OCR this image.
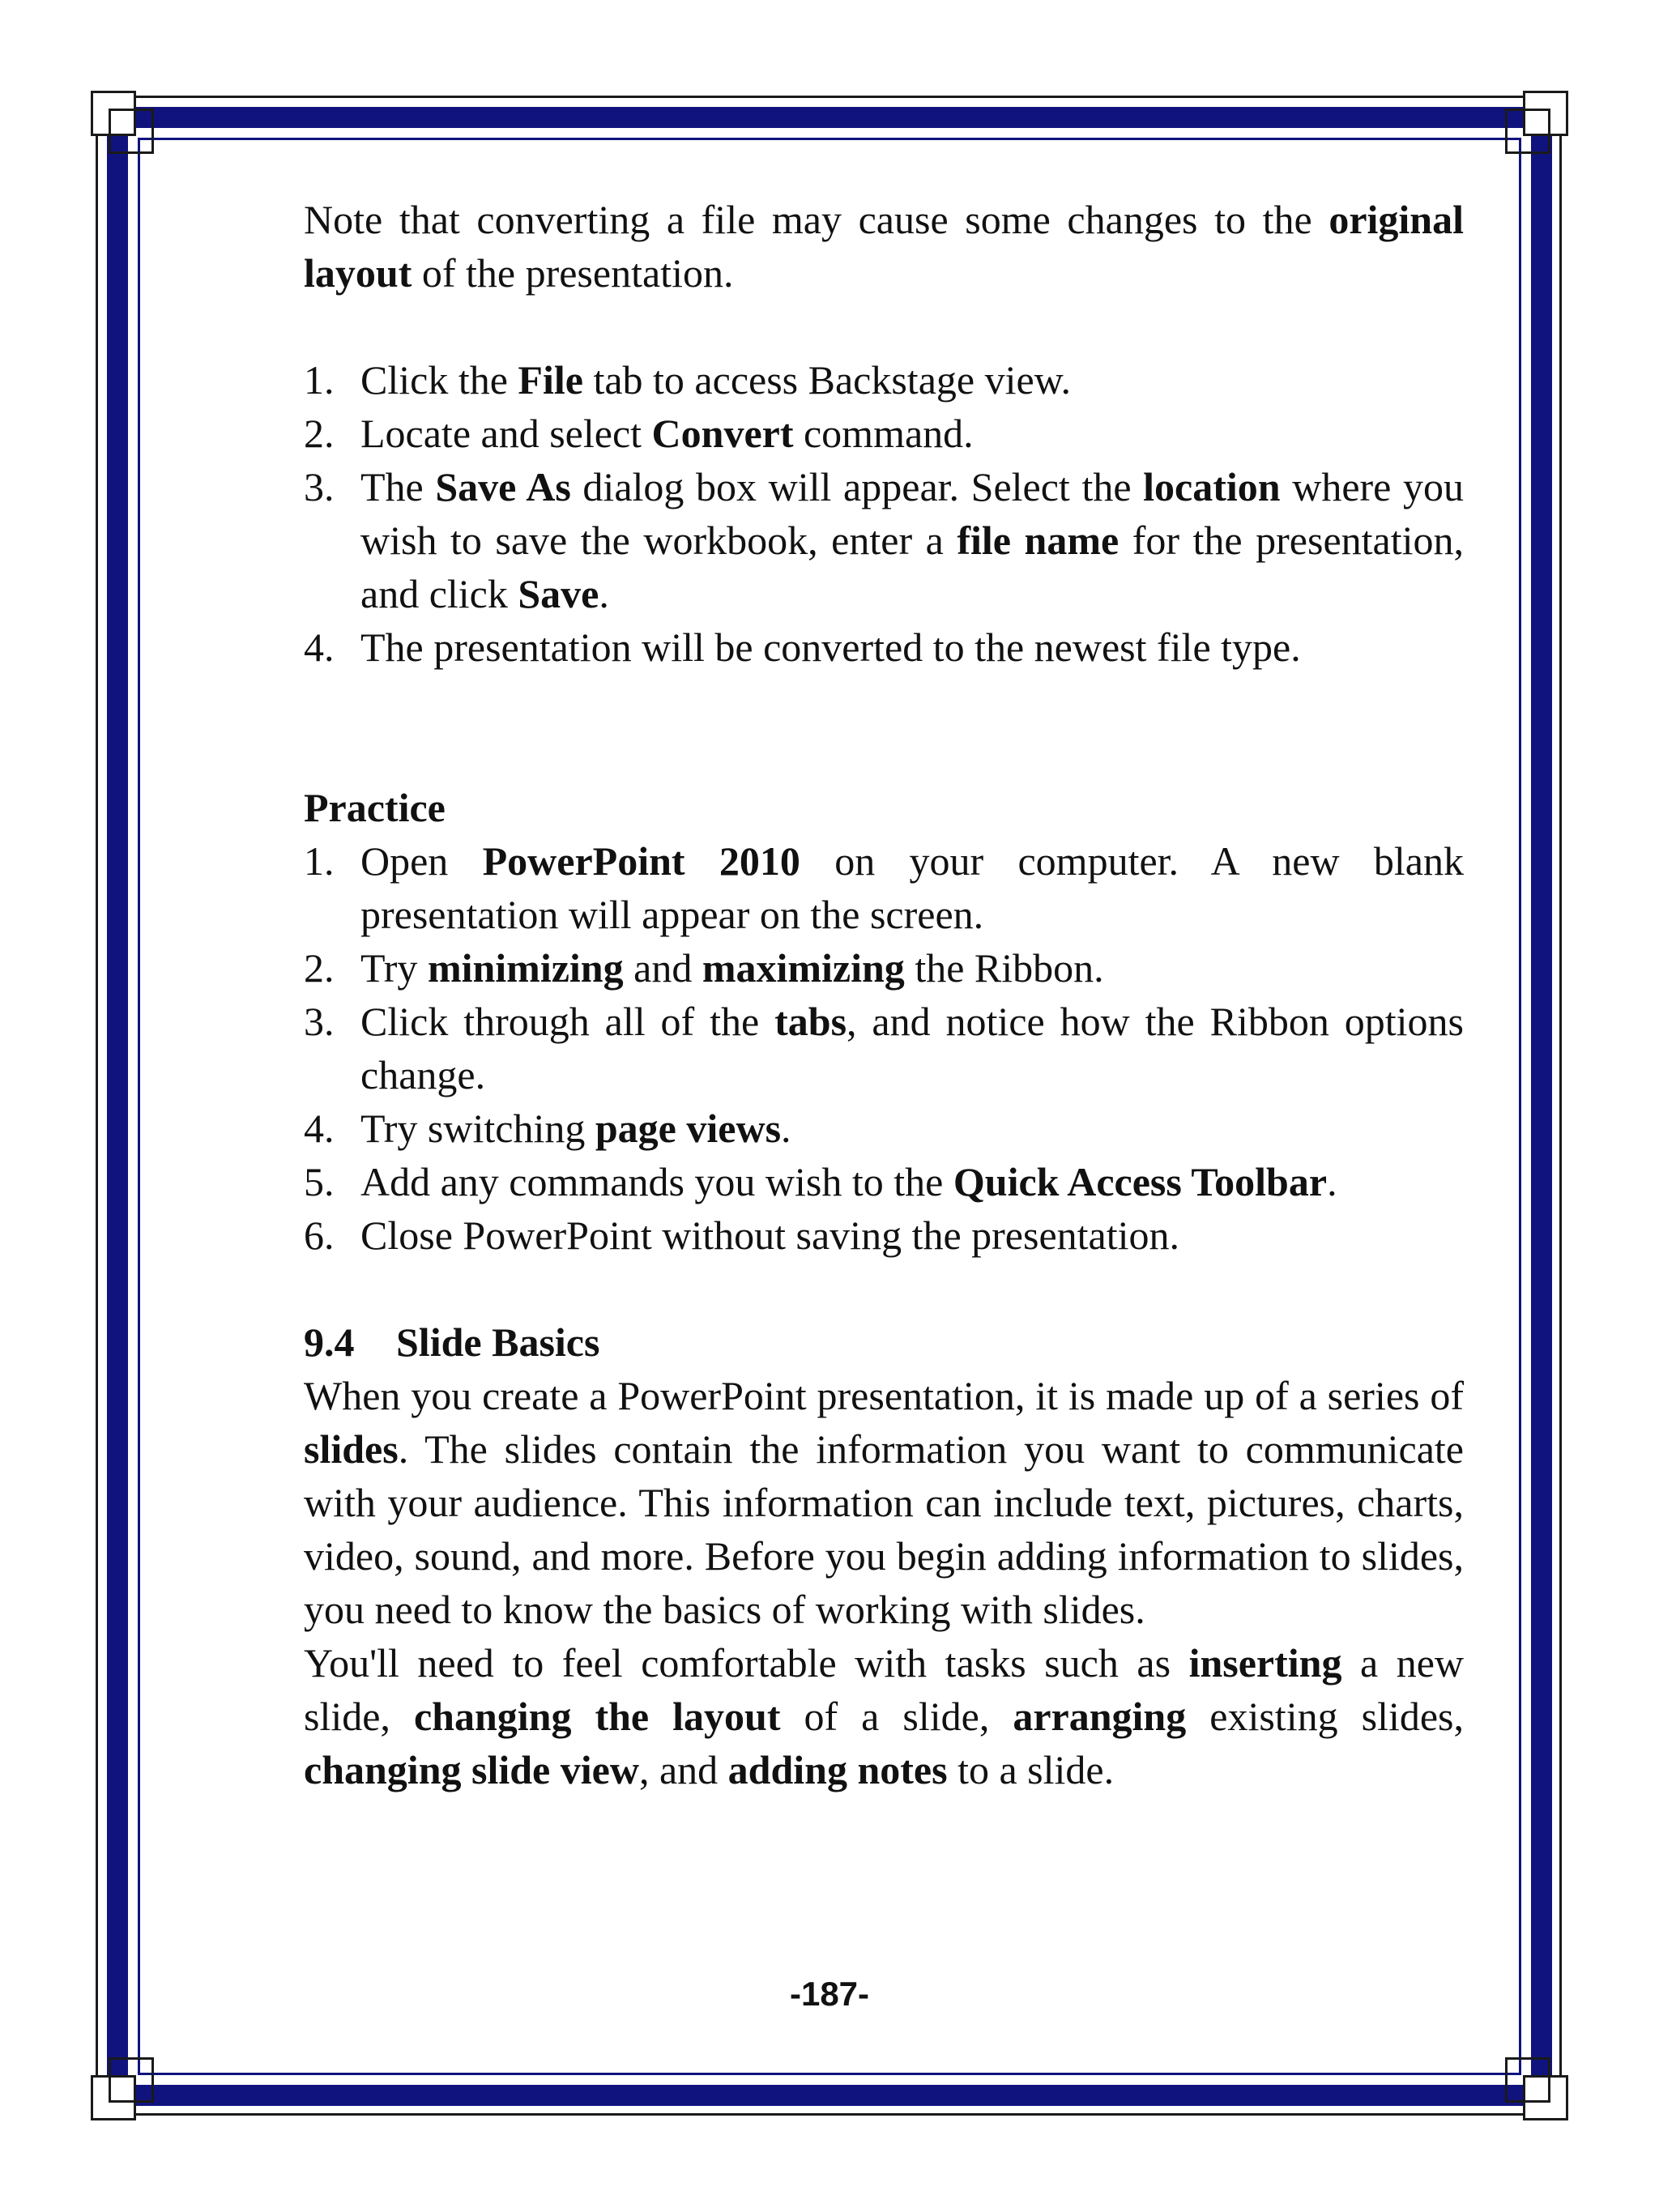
Note that converting a file may cause some changes to the original layout of the presentation.

1. Click the File tab to access Backstage view.
2. Locate and select Convert command.
3. The Save As dialog box will appear. Select the location where you wish to save the workbook, enter a file name for the presentation, and click Save.
4. The presentation will be converted to the newest file type.

Practice

1. Open PowerPoint 2010 on your computer. A new blank presentation will appear on the screen.
2. Try minimizing and maximizing the Ribbon.
3. Click through all of the tabs, and notice how the Ribbon options change.
4. Try switching page views.
5. Add any commands you wish to the Quick Access Toolbar.
6. Close PowerPoint without saving the presentation.

9.4 Slide Basics

When you create a PowerPoint presentation, it is made up of a series of slides. The slides contain the information you want to communicate with your audience. This information can include text, pictures, charts, video, sound, and more. Before you begin adding information to slides, you need to know the basics of working with slides.

You'll need to feel comfortable with tasks such as inserting a new slide, changing the layout of a slide, arranging existing slides, changing slide view, and adding notes to a slide.

-187-
